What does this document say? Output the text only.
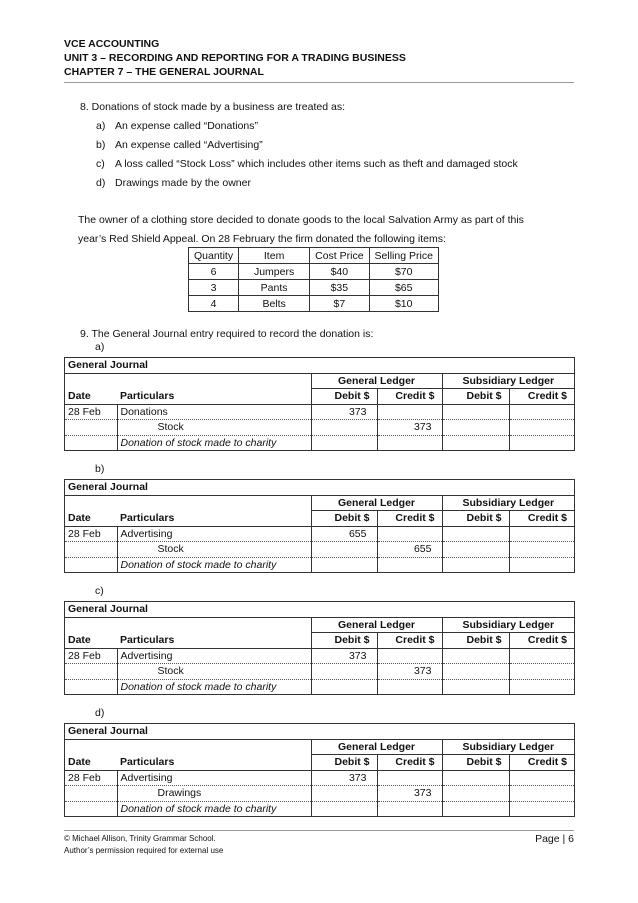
VCE ACCOUNTING
UNIT 3 – RECORDING AND REPORTING FOR A TRADING BUSINESS
CHAPTER 7 – THE GENERAL JOURNAL
8. Donations of stock made by a business are treated as:
a) An expense called “Donations”
b) An expense called “Advertising”
c) A loss called “Stock Loss” which includes other items such as theft and damaged stock
d) Drawings made by the owner
The owner of a clothing store decided to donate goods to the local Salvation Army as part of this
year’s Red Shield Appeal. On 28 February the firm donated the following items:
Quantity	Item	Cost Price	Selling Price
6	Jumpers	$40	$70
3	Pants	$35	$65
4	Belts	$7	$10
9. The General Journal entry required to record the donation is:
a)
General Journal					
		General Ledger		Subsidiary Ledger	
Date	Particulars	Debit $	Credit $	Debit $	Credit $
28 Feb	Donations	373			
	Stock		373		
	Donation of stock made to charity				
b)
General Journal					
		General Ledger		Subsidiary Ledger	
Date	Particulars	Debit $	Credit $	Debit $	Credit $
28 Feb	Advertising	655			
	Stock		655		
	Donation of stock made to charity				
c)
General Journal					
		General Ledger		Subsidiary Ledger	
Date	Particulars	Debit $	Credit $	Debit $	Credit $
28 Feb	Advertising	373			
	Stock		373		
	Donation of stock made to charity				
d)
General Journal					
		General Ledger		Subsidiary Ledger	
Date	Particulars	Debit $	Credit $	Debit $	Credit $
28 Feb	Advertising	373			
	Drawings		373		
	Donation of stock made to charity				
© Michael Allison, Trinity Grammar School.
Author’s permission required for external use
Page | 6
